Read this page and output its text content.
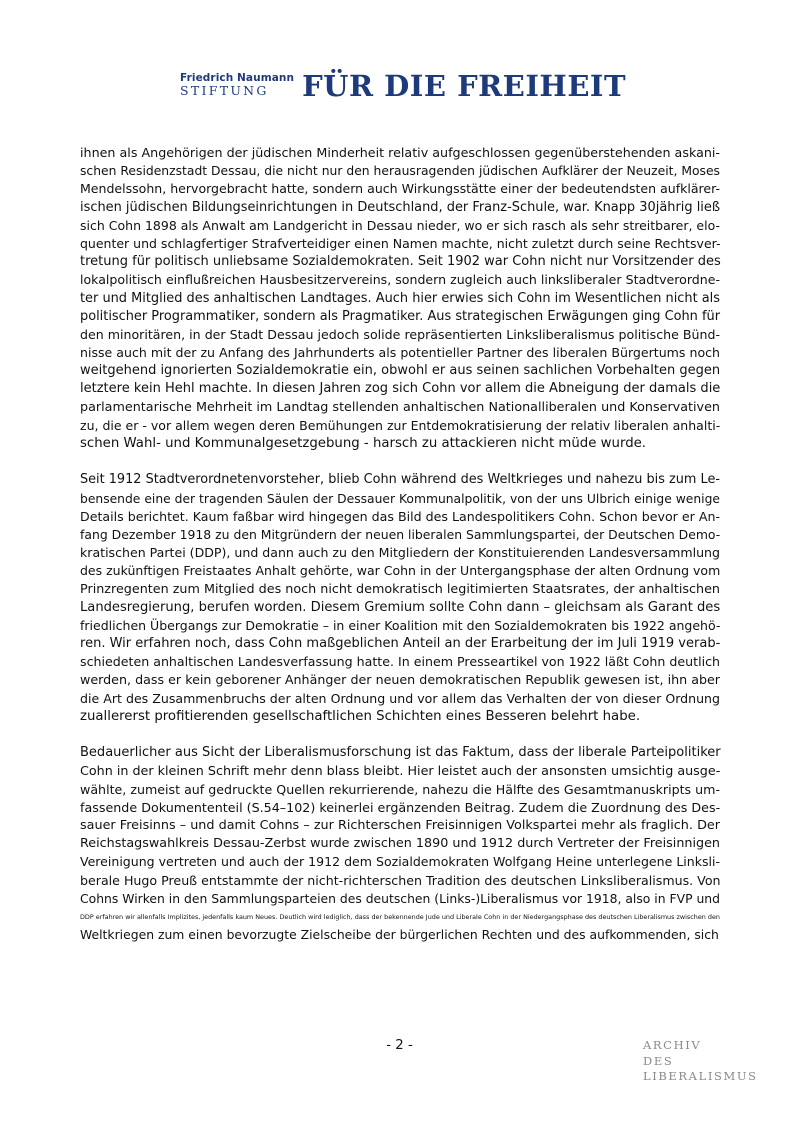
Friedrich Naumann
STIFTUNG	FÜR DIE FREIHEIT
ihnen als Angehörigen der jüdischen Minderheit relativ aufgeschlossen gegenüberstehenden askani-
schen Residenzstadt Dessau, die nicht nur den herausragenden jüdischen Aufklärer der Neuzeit, Moses
Mendelssohn, hervorgebracht hatte, sondern auch Wirkungsstätte einer der bedeutendsten aufklärer-
ischen jüdischen Bildungseinrichtungen in Deutschland, der Franz-Schule, war. Knapp 30jährig ließ
sich Cohn 1898 als Anwalt am Landgericht in Dessau nieder, wo er sich rasch als sehr streitbarer, elo-
quenter und schlagfertiger Strafverteidiger einen Namen machte, nicht zuletzt durch seine Rechtsver-
tretung für politisch unliebsame Sozialdemokraten. Seit 1902 war Cohn nicht nur Vorsitzender des
lokalpolitisch einflußreichen Hausbesitzervereins, sondern zugleich auch linksliberaler Stadtverordne-
ter und Mitglied des anhaltischen Landtages. Auch hier erwies sich Cohn im Wesentlichen nicht als
politischer Programmatiker, sondern als Pragmatiker. Aus strategischen Erwägungen ging Cohn für
den minoritären, in der Stadt Dessau jedoch solide repräsentierten Linksliberalismus politische Bünd-
nisse auch mit der zu Anfang des Jahrhunderts als potentieller Partner des liberalen Bürgertums noch
weitgehend ignorierten Sozialdemokratie ein, obwohl er aus seinen sachlichen Vorbehalten gegen
letztere kein Hehl machte. In diesen Jahren zog sich Cohn vor allem die Abneigung der damals die
parlamentarische Mehrheit im Landtag stellenden anhaltischen Nationalliberalen und Konservativen
zu, die er - vor allem wegen deren Bemühungen zur Entdemokratisierung der relativ liberalen anhalti-
schen Wahl- und Kommunalgesetzgebung - harsch zu attackieren nicht müde wurde.
Seit 1912 Stadtverordnetenvorsteher, blieb Cohn während des Weltkrieges und nahezu bis zum Le-
bensende eine der tragenden Säulen der Dessauer Kommunalpolitik, von der uns Ulbrich einige wenige
Details berichtet. Kaum faßbar wird hingegen das Bild des Landespolitikers Cohn. Schon bevor er An-
fang Dezember 1918 zu den Mitgründern der neuen liberalen Sammlungspartei, der Deutschen Demo-
kratischen Partei (DDP), und dann auch zu den Mitgliedern der Konstituierenden Landesversammlung
des zukünftigen Freistaates Anhalt gehörte, war Cohn in der Untergangsphase der alten Ordnung vom
Prinzregenten zum Mitglied des noch nicht demokratisch legitimierten Staatsrates, der anhaltischen
Landesregierung, berufen worden. Diesem Gremium sollte Cohn dann – gleichsam als Garant des
friedlichen Übergangs zur Demokratie – in einer Koalition mit den Sozialdemokraten bis 1922 angehö-
ren. Wir erfahren noch, dass Cohn maßgeblichen Anteil an der Erarbeitung der im Juli 1919 verab-
schiedeten anhaltischen Landesverfassung hatte. In einem Presseartikel von 1922 läßt Cohn deutlich
werden, dass er kein geborener Anhänger der neuen demokratischen Republik gewesen ist, ihn aber
die Art des Zusammenbruchs der alten Ordnung und vor allem das Verhalten der von dieser Ordnung
zuallererst profitierenden gesellschaftlichen Schichten eines Besseren belehrt habe.
Bedauerlicher aus Sicht der Liberalismusforschung ist das Faktum, dass der liberale Parteipolitiker
Cohn in der kleinen Schrift mehr denn blass bleibt. Hier leistet auch der ansonsten umsichtig ausge-
wählte, zumeist auf gedruckte Quellen rekurrierende, nahezu die Hälfte des Gesamtmanuskripts um-
fassende Dokumententeil (S.54–102) keinerlei ergänzenden Beitrag. Zudem die Zuordnung des Des-
sauer Freisinns – und damit Cohns – zur Richterschen Freisinnigen Volkspartei mehr als fraglich. Der
Reichstagswahlkreis Dessau-Zerbst wurde zwischen 1890 und 1912 durch Vertreter der Freisinnigen
Vereinigung vertreten und auch der 1912 dem Sozialdemokraten Wolfgang Heine unterlegene Linksli-
berale Hugo Preuß entstammte der nicht-richterschen Tradition des deutschen Linksliberalismus. Von
Cohns Wirken in den Sammlungsparteien des deutschen (Links-)Liberalismus vor 1918, also in FVP und
DDP erfahren wir allenfalls Implizites, jedenfalls kaum Neues. Deutlich wird lediglich, dass der bekennende Jude und Liberale Cohn in der Niedergangsphase des deutschen Liberalismus zwischen den
Weltkriegen zum einen bevorzugte Zielscheibe der bürgerlichen Rechten und des aufkommenden, sich
- 2 -	ARCHIV
DES
LIBERALISMUS
